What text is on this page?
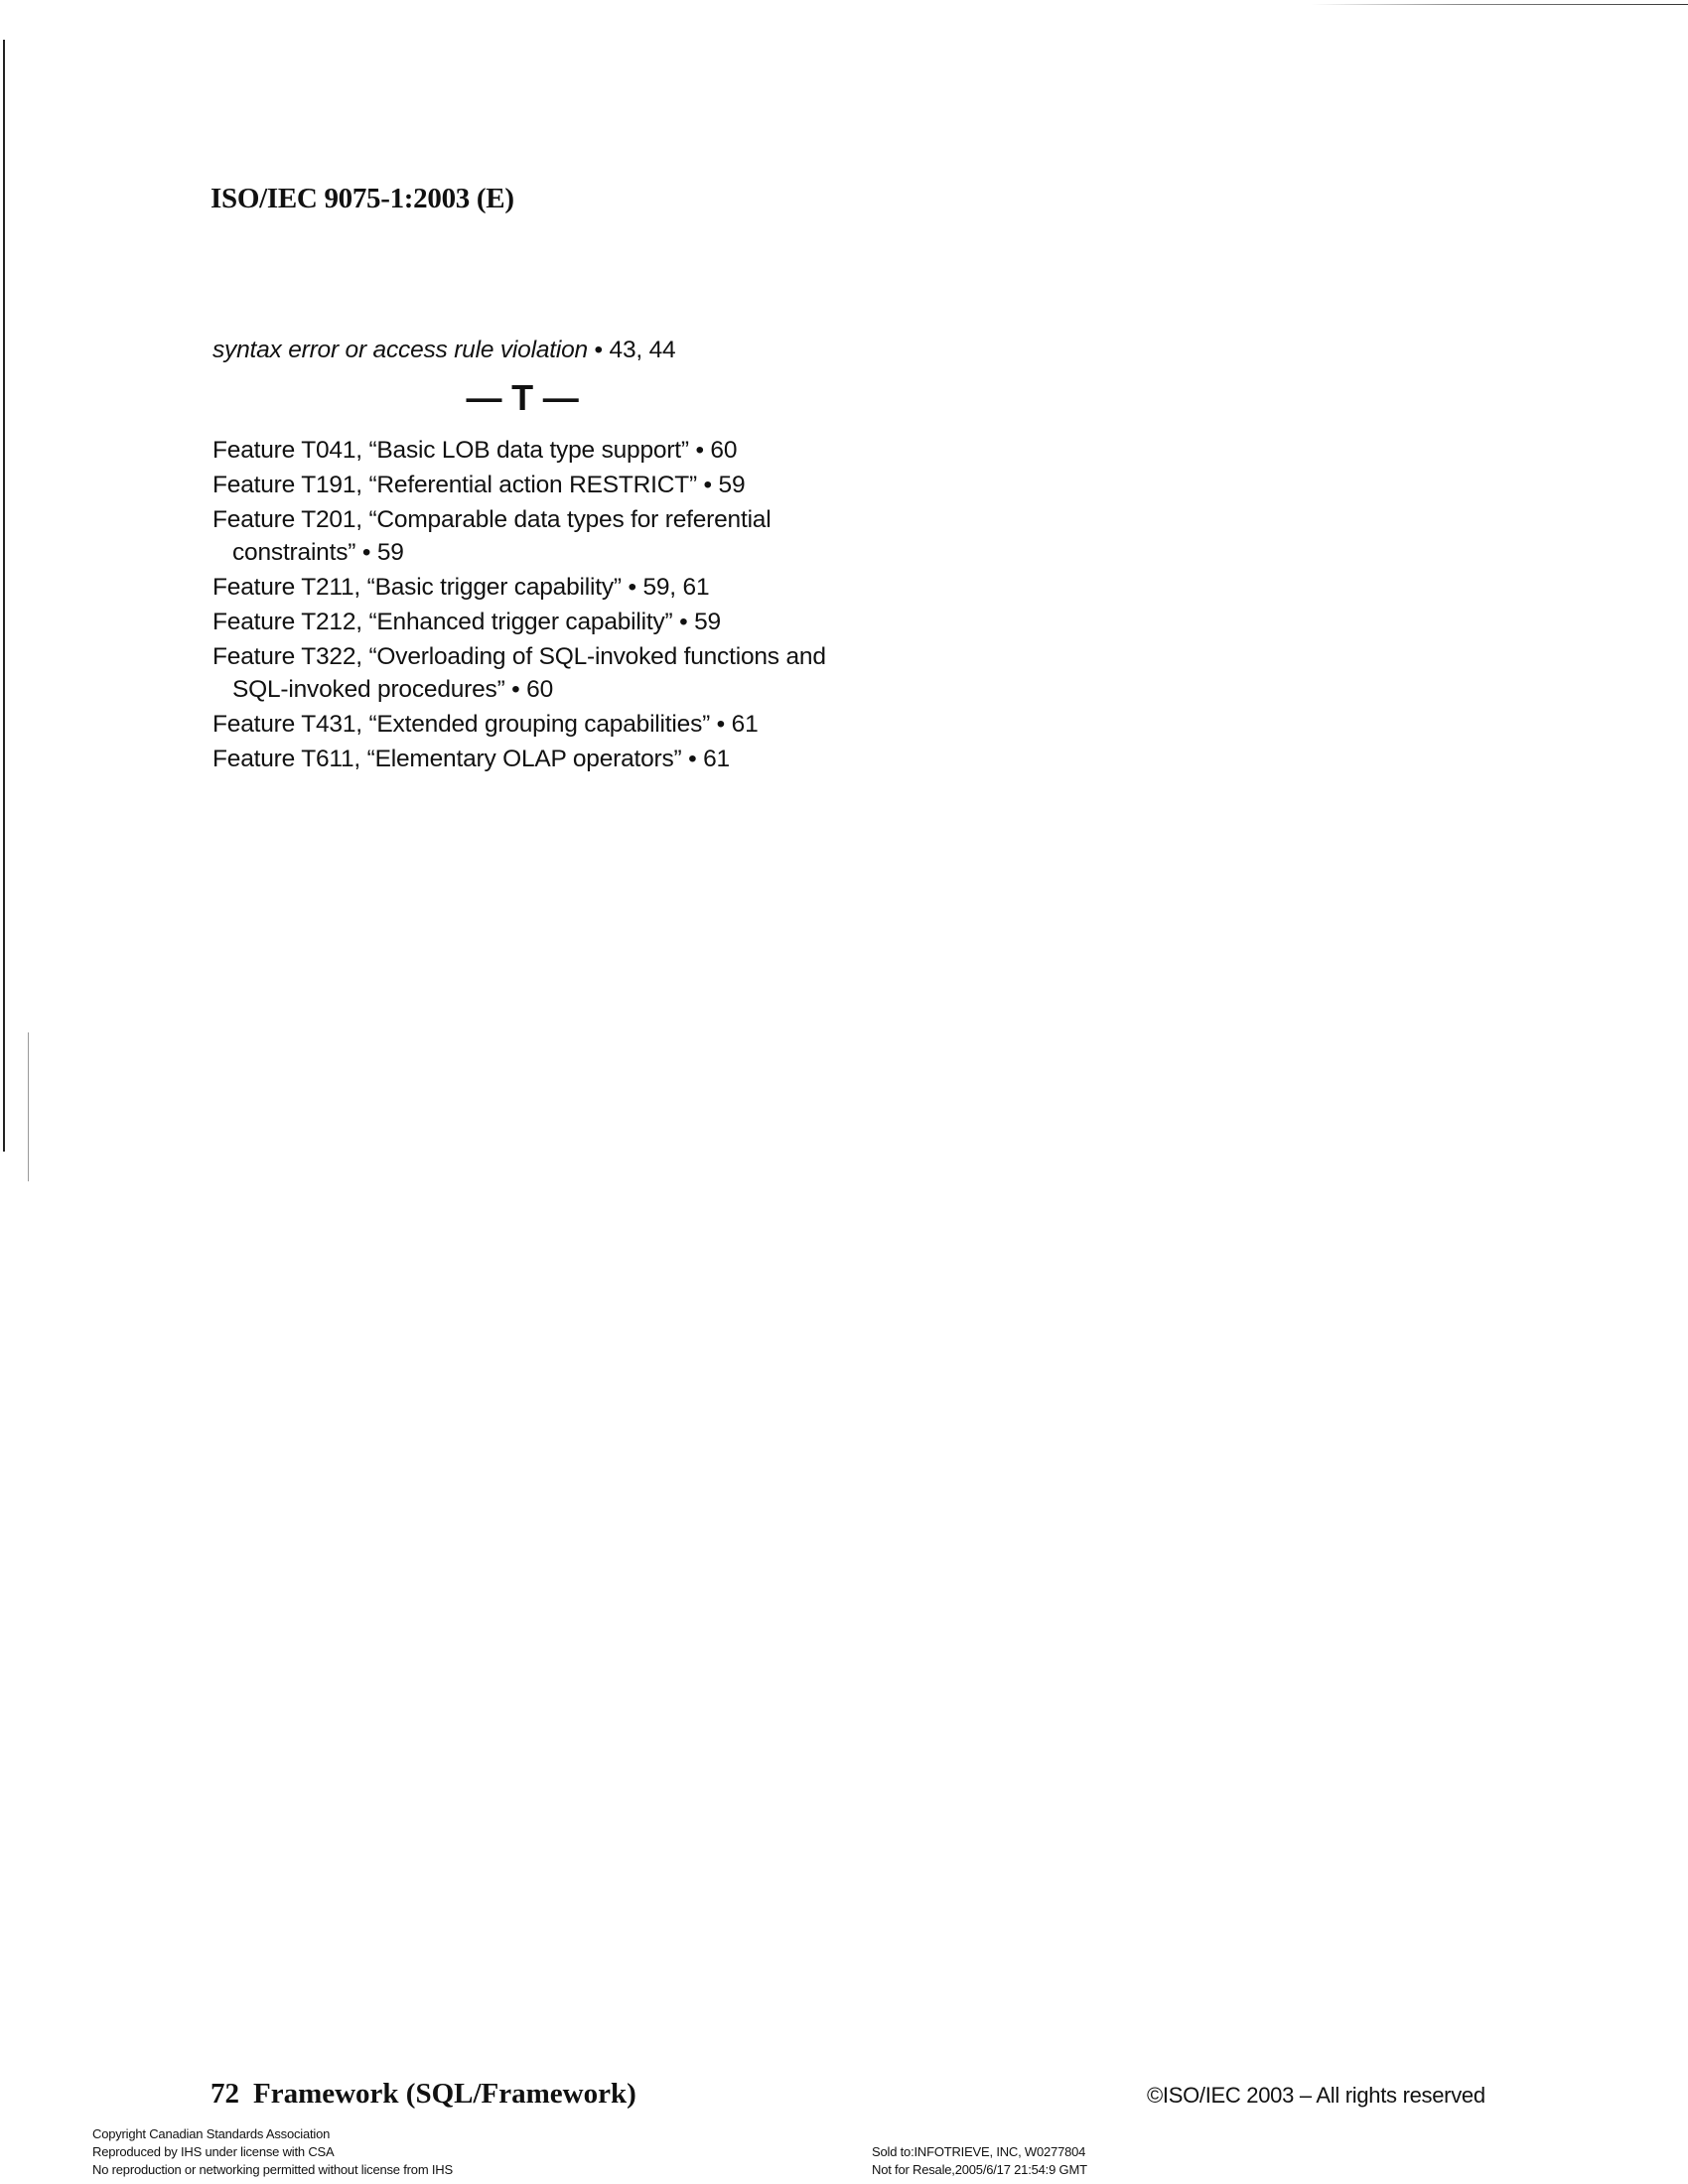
ISO/IEC 9075-1:2003 (E)
syntax error or access rule violation • 43, 44
— T —
Feature T041, “Basic LOB data type support” • 60
Feature T191, “Referential action RESTRICT” • 59
Feature T201, “Comparable data types for referential constraints” • 59
Feature T211, “Basic trigger capability” • 59, 61
Feature T212, “Enhanced trigger capability” • 59
Feature T322, “Overloading of SQL-invoked functions and SQL-invoked procedures” • 60
Feature T431, “Extended grouping capabilities” • 61
Feature T611, “Elementary OLAP operators” • 61
72 Framework (SQL/Framework)	©ISO/IEC 2003 – All rights reserved
Copyright Canadian Standards Association
Reproduced by IHS under license with CSA
No reproduction or networking permitted without license from IHS
Sold to:INFOTRIEVE, INC, W0277804
Not for Resale,2005/6/17 21:54:9 GMT
